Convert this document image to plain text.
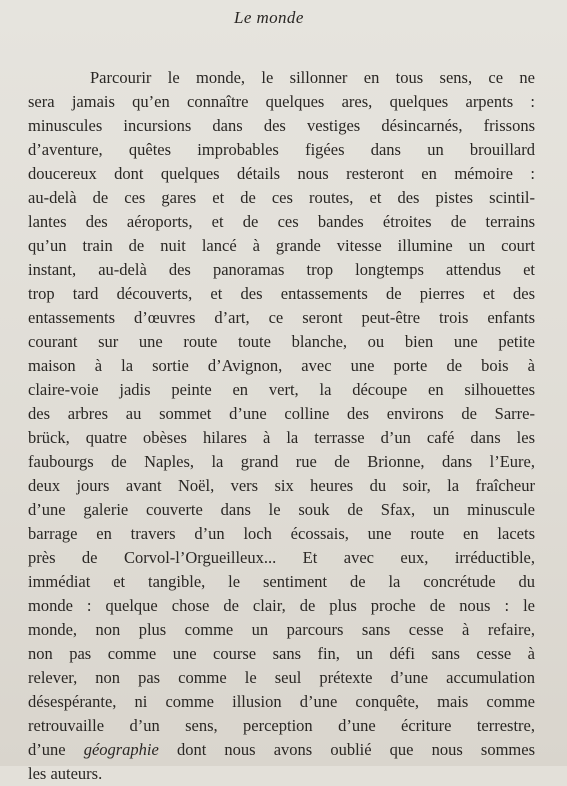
Le monde
Parcourir le monde, le sillonner en tous sens, ce ne
sera jamais qu’en connaître quelques ares, quelques arpents :
minuscules incursions dans des vestiges désincarnés, frissons
d’aventure, quêtes improbables figées dans un brouillard
doucereux dont quelques détails nous resteront en mémoire :
au-delà de ces gares et de ces routes, et des pistes scintil-
lantes des aéroports, et de ces bandes étroites de terrains
qu’un train de nuit lancé à grande vitesse illumine un court
instant, au-delà des panoramas trop longtemps attendus et
trop tard découverts, et des entassements de pierres et des
entassements d’œuvres d’art, ce seront peut-être trois enfants
courant sur une route toute blanche, ou bien une petite
maison à la sortie d’Avignon, avec une porte de bois à
claire-voie jadis peinte en vert, la découpe en silhouettes
des arbres au sommet d’une colline des environs de Sarre-
brück, quatre obèses hilares à la terrasse d’un café dans les
faubourgs de Naples, la grand rue de Brionne, dans l’Eure,
deux jours avant Noël, vers six heures du soir, la fraîcheur
d’une galerie couverte dans le souk de Sfax, un minuscule
barrage en travers d’un loch écossais, une route en lacets
près de Corvol-l’Orgueilleux... Et avec eux, irréductible,
immédiat et tangible, le sentiment de la concrétude du
monde : quelque chose de clair, de plus proche de nous : le
monde, non plus comme un parcours sans cesse à refaire,
non pas comme une course sans fin, un défi sans cesse à
relever, non pas comme le seul prétexte d’une accumulation
désespérante, ni comme illusion d’une conquête, mais comme
retrouvaille d’un sens, perception d’une écriture terrestre,
d’une géographie dont nous avons oublié que nous sommes
les auteurs.
